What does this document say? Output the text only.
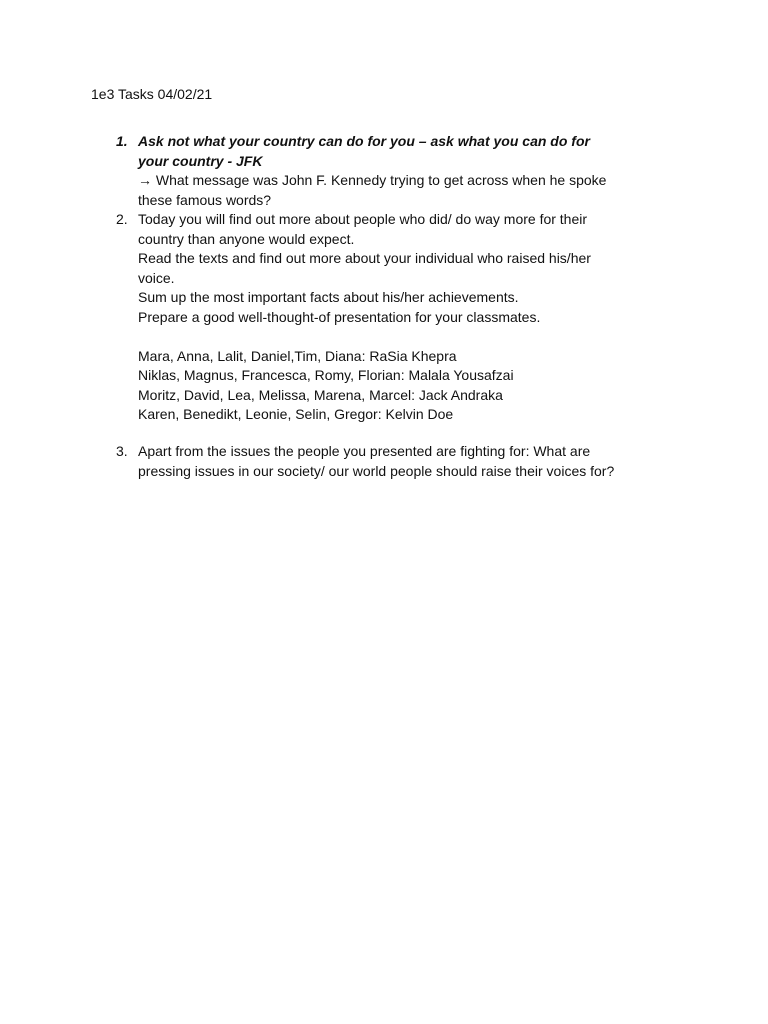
1e3 Tasks 04/02/21
1. Ask not what your country can do for you – ask what you can do for
your country - JFK
→ What message was John F. Kennedy trying to get across when he spoke
these famous words?
2. Today you will find out more about people who did/ do way more for their
country than anyone would expect.
Read the texts and find out more about your individual who raised his/her
voice.
Sum up the most important facts about his/her achievements.
Prepare a good well-thought-of presentation for your classmates.
Mara, Anna, Lalit, Daniel,Tim, Diana: RaSia Khepra
Niklas, Magnus, Francesca, Romy, Florian: Malala Yousafzai
Moritz, David, Lea, Melissa, Marena, Marcel: Jack Andraka
Karen, Benedikt, Leonie, Selin, Gregor: Kelvin Doe
3. Apart from the issues the people you presented are fighting for: What are
pressing issues in our society/ our world people should raise their voices for?
